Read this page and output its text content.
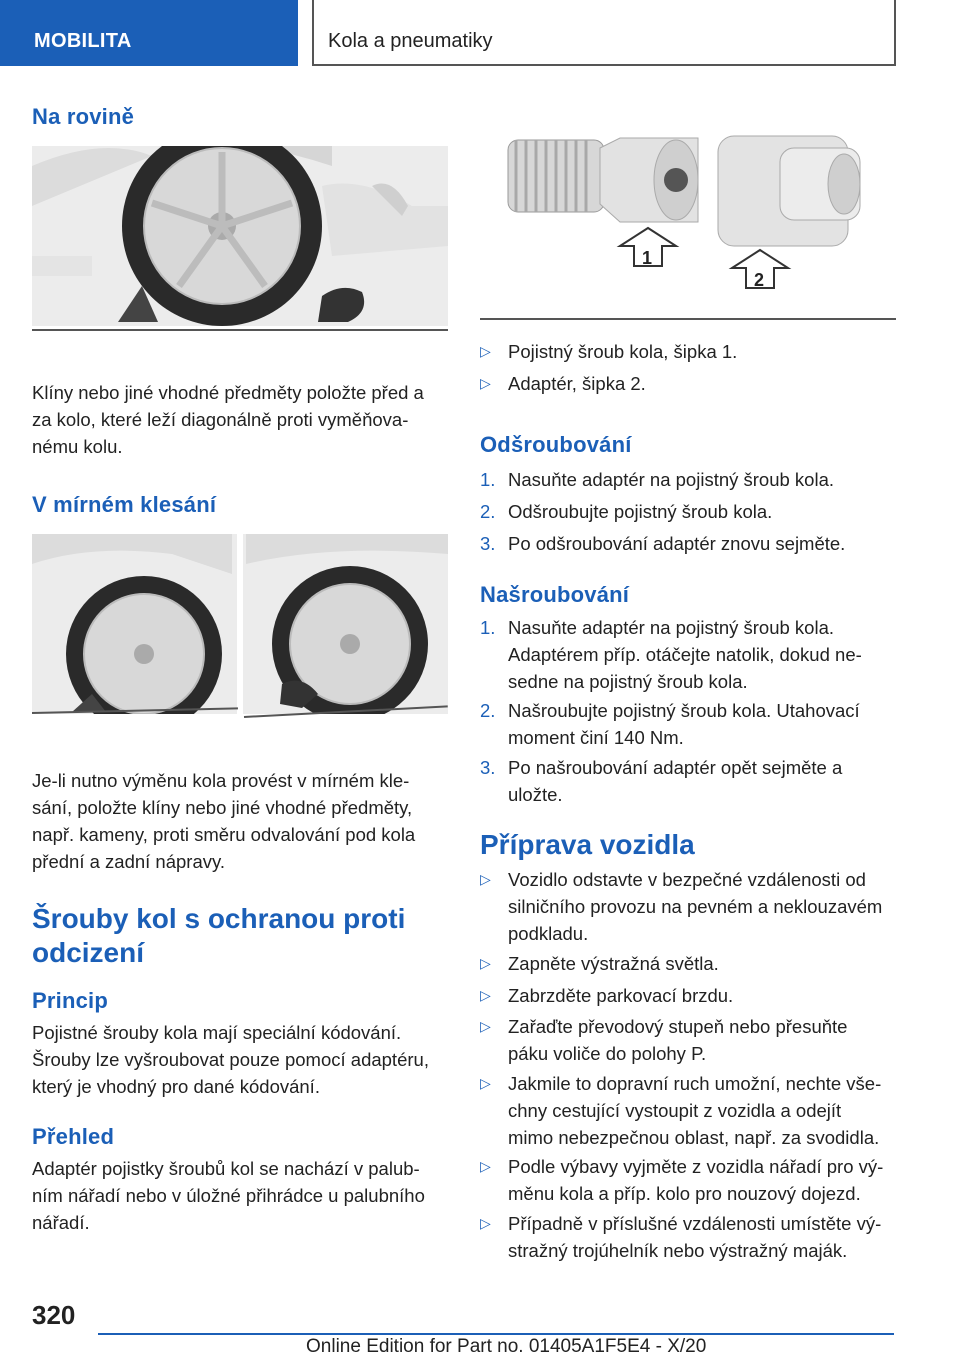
MOBILITA	Kola a pneumatiky
Na rovině
Klíny nebo jiné vhodné předměty položte před a
za kolo, které leží diagonálně proti vyměňova-
nému kolu.
V mírném klesání
Je-li nutno výměnu kola provést v mírném kle-
sání, položte klíny nebo jiné vhodné předměty,
např. kameny, proti směru odvalování pod kola
přední a zadní nápravy.
Šrouby kol s ochranou proti
odcizení
Princip
Pojistné šrouby kola mají speciální kódování.
Šrouby lze vyšroubovat pouze pomocí adaptéru,
který je vhodný pro dané kódování.
Přehled
Adaptér pojistky šroubů kol se nachází v palub-
ním nářadí nebo v úložné přihrádce u palubního
nářadí.
1
2
▷ Pojistný šroub kola, šipka 1.
▷ Adaptér, šipka 2.
Odšroubování
1. Nasuňte adaptér na pojistný šroub kola.
2. Odšroubujte pojistný šroub kola.
3. Po odšroubování adaptér znovu sejměte.
Našroubování
1. Nasuňte adaptér na pojistný šroub kola.
Adaptérem příp. otáčejte natolik, dokud ne-
sedne na pojistný šroub kola.
2. Našroubujte pojistný šroub kola. Utahovací
moment činí 140 Nm.
3. Po našroubování adaptér opět sejměte a
uložte.
Příprava vozidla
▷ Vozidlo odstavte v bezpečné vzdálenosti od
silničního provozu na pevném a neklouzavém
podkladu.
▷ Zapněte výstražná světla.
▷ Zabrzděte parkovací brzdu.
▷ Zařaďte převodový stupeň nebo přesuňte
páku voliče do polohy P.
▷ Jakmile to dopravní ruch umožní, nechte vše-
chny cestující vystoupit z vozidla a odejít
mimo nebezpečnou oblast, např. za svodidla.
▷ Podle výbavy vyjměte z vozidla nářadí pro vý-
měnu kola a příp. kolo pro nouzový dojezd.
▷ Případně v příslušné vzdálenosti umístěte vý-
stražný trojúhelník nebo výstražný maják.
320
Online Edition for Part no. 01405A1F5E4 - X/20
